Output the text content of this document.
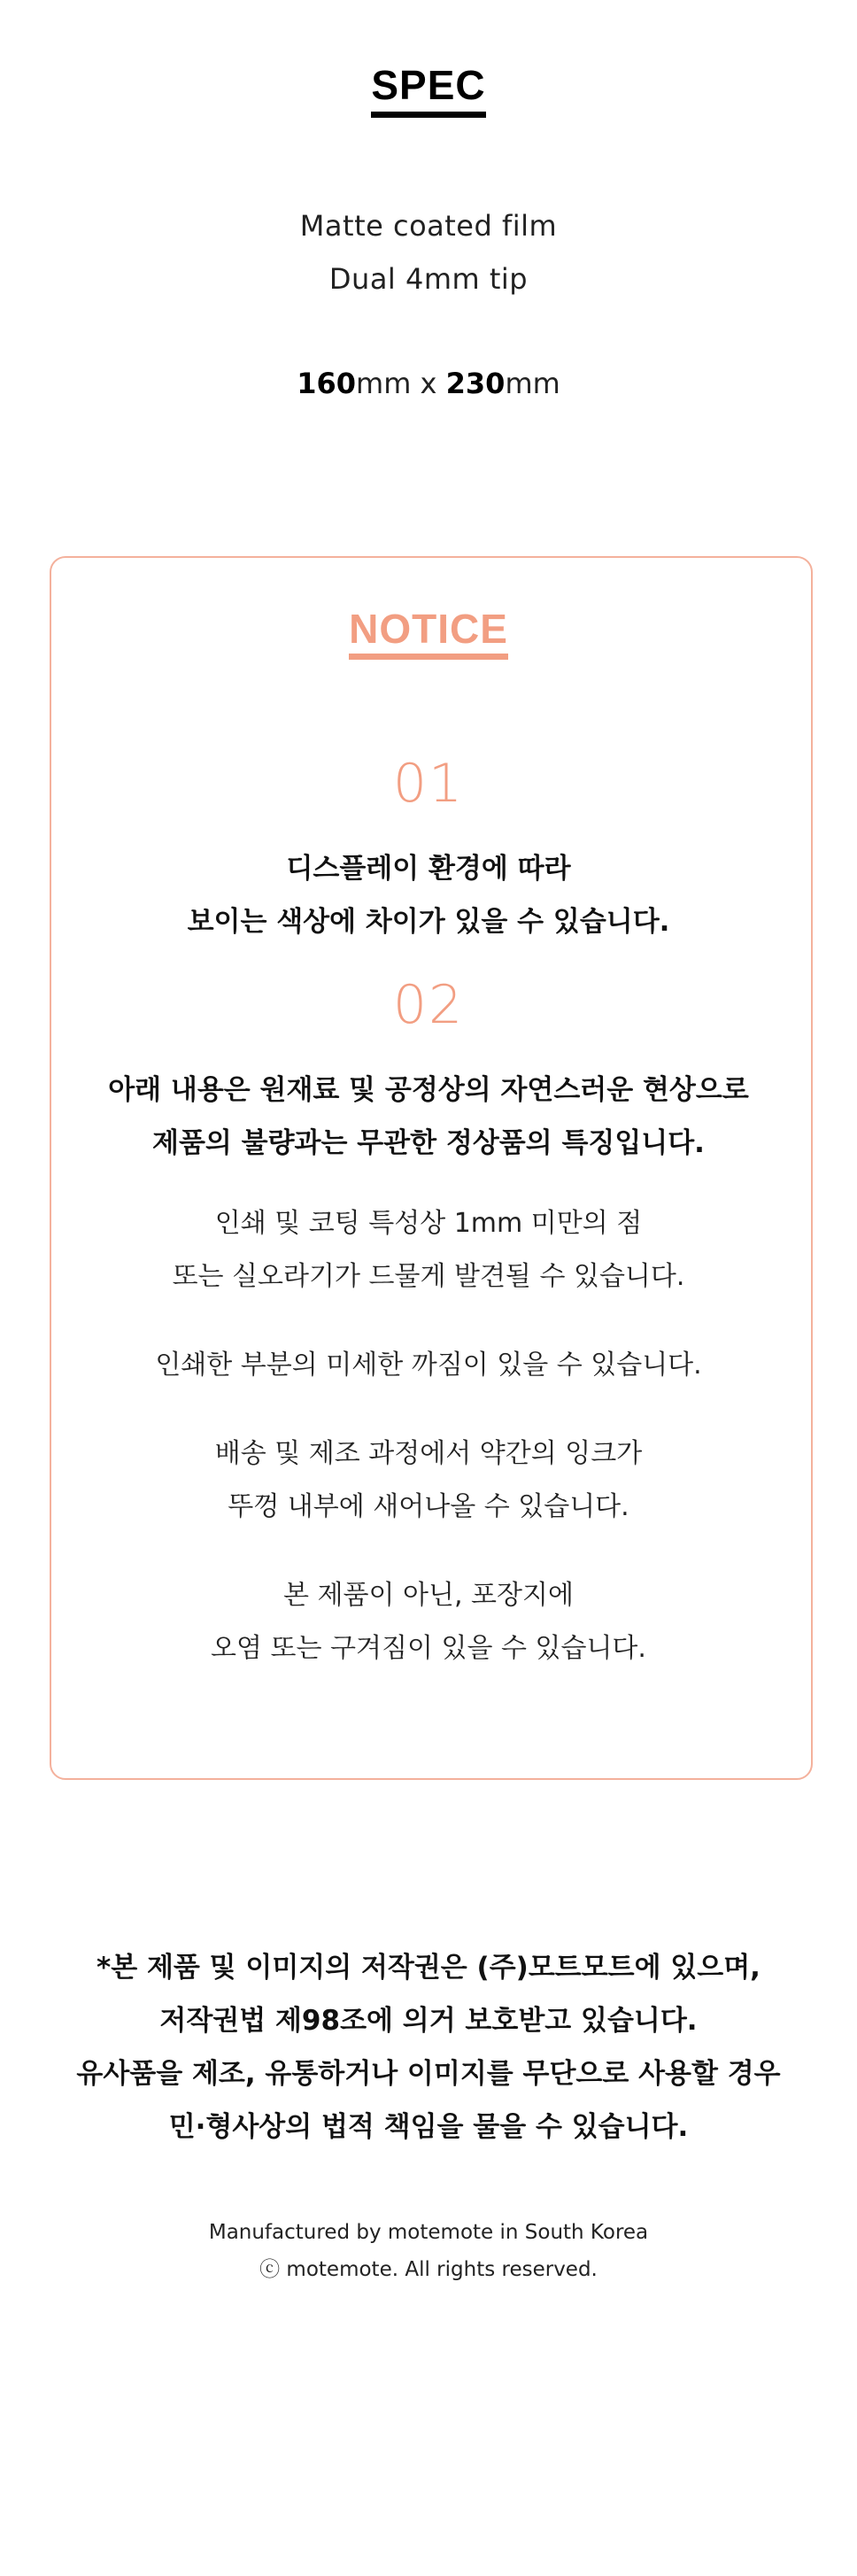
SPEC
Matte coated film
Dual 4mm tip
160mm x 230mm
NOTICE
01
디스플레이 환경에 따라
보이는 색상에 차이가 있을 수 있습니다.
02
아래 내용은 원재료 및 공정상의 자연스러운 현상으로
제품의 불량과는 무관한 정상품의 특징입니다.
인쇄 및 코팅 특성상 1mm 미만의 점
또는 실오라기가 드물게 발견될 수 있습니다.
인쇄한 부분의 미세한 까짐이 있을 수 있습니다.
배송 및 제조 과정에서 약간의 잉크가
뚜껑 내부에 새어나올 수 있습니다.
본 제품이 아닌, 포장지에
오염 또는 구겨짐이 있을 수 있습니다.
*본 제품 및 이미지의 저작권은 (주)모트모트에 있으며,
저작권법 제98조에 의거 보호받고 있습니다.
유사품을 제조, 유통하거나 이미지를 무단으로 사용할 경우
민·형사상의 법적 책임을 물을 수 있습니다.
Manufactured by motemote in South Korea
ⓒ motemote. All rights reserved.
